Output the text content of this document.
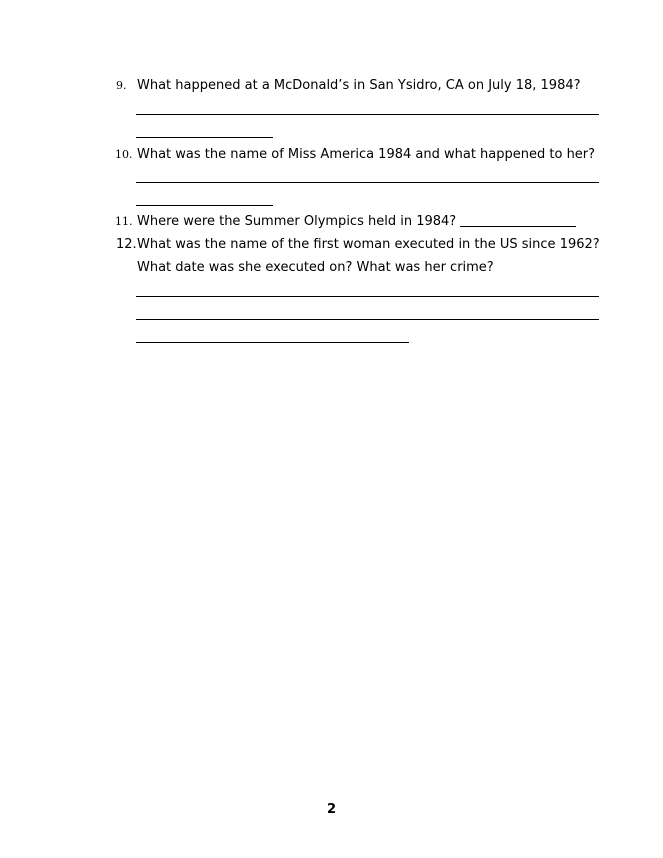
9. What happened at a McDonald’s in San Ysidro, CA on July 18, 1984?
10. What was the name of Miss America 1984 and what happened to her?
11. Where were the Summer Olympics held in 1984?
12. What was the name of the first woman executed in the US since 1962?
What date was she executed on? What was her crime?
2
